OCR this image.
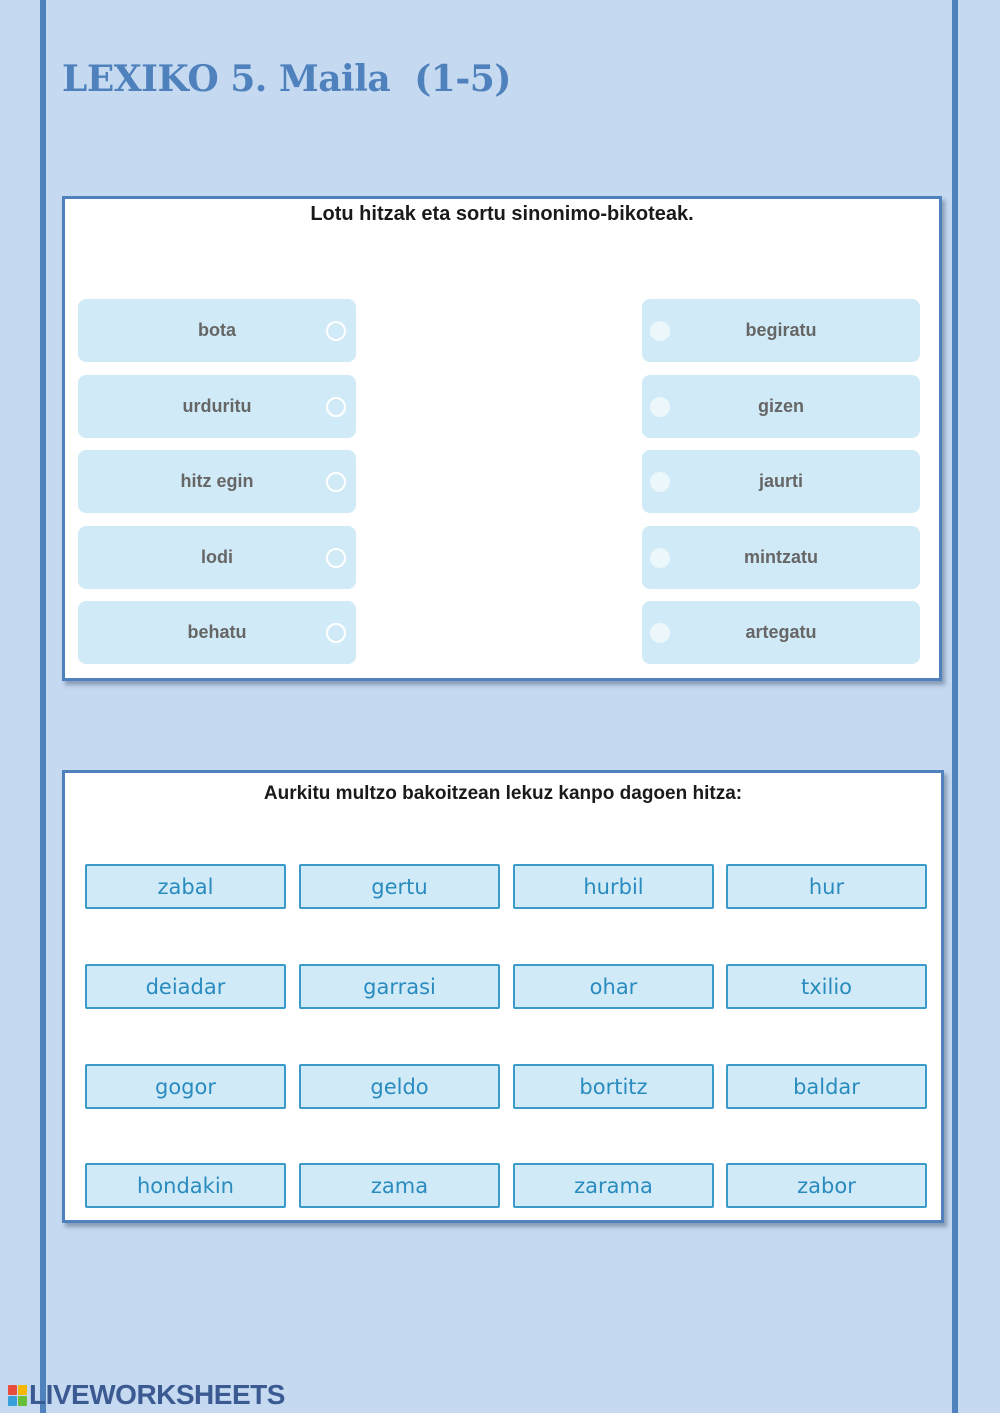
LEXIKO 5. Maila  (1-5)
Lotu hitzak eta sortu sinonimo-bikoteak.
bota
urduritu
hitz egin
lodi
behatu
begiratu
gizen
jaurti
mintzatu
artegatu
Aurkitu multzo bakoitzean lekuz kanpo dagoen hitza:
zabal	gertu	hurbil	hur
deiadar	garrasi	ohar	txilio
gogor	geldo	bortitz	baldar
hondakin	zama	zarama	zabor
LIVEWORKSHEETS
